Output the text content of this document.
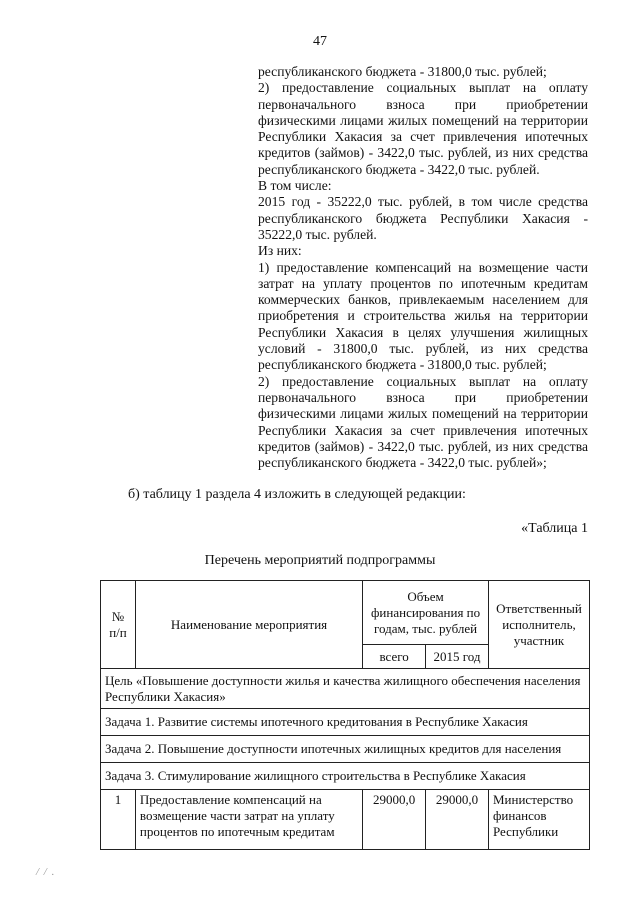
47

республиканского бюджета - 31800,0 тыс. рублей;

2) предоставление социальных выплат на оплату первоначального взноса при приобретении физическими лицами жилых помещений на территории Республики Хакасия за счет привлечения ипотечных кредитов (займов) - 3422,0 тыс. рублей, из них средства республиканского бюджета - 3422,0 тыс. рублей.

В том числе:

2015 год - 35222,0 тыс. рублей, в том числе средства республиканского бюджета Республики Хакасия - 35222,0 тыс. рублей.

Из них:

1) предоставление компенсаций на возмещение части затрат на уплату процентов по ипотечным кредитам коммерческих банков, привлекаемым населением для приобретения и строительства жилья на территории Республики Хакасия в целях улучшения жилищных условий - 31800,0 тыс. рублей, из них средства республиканского бюджета - 31800,0 тыс. рублей;

2) предоставление социальных выплат на оплату первоначального взноса при приобретении физическими лицами жилых помещений на территории Республики Хакасия за счет привлечения ипотечных кредитов (займов) - 3422,0 тыс. рублей, из них средства республиканского бюджета - 3422,0 тыс. рублей»;

б) таблицу 1 раздела 4 изложить в следующей редакции:
«Таблица 1
Перечень мероприятий подпрограммы
№ п/п	Наименование мероприятия	Объем финансирования по годам, тыс. рублей		Ответственный исполнитель, участник
		всего	2015 год	
Цель «Повышение доступности жилья и качества жилищного обеспечения населения Республики Хакасия»				
Задача 1. Развитие системы ипотечного кредитования в Республике Хакасия				
Задача 2. Повышение доступности ипотечных жилищных кредитов для населения				
Задача 3. Стимулирование жилищного строительства в Республике Хакасия				
1	Предоставление компенсаций на возмещение части затрат на уплату процентов по ипотечным кредитам	29000,0	29000,0	Министерство финансов Республики
/ / .
